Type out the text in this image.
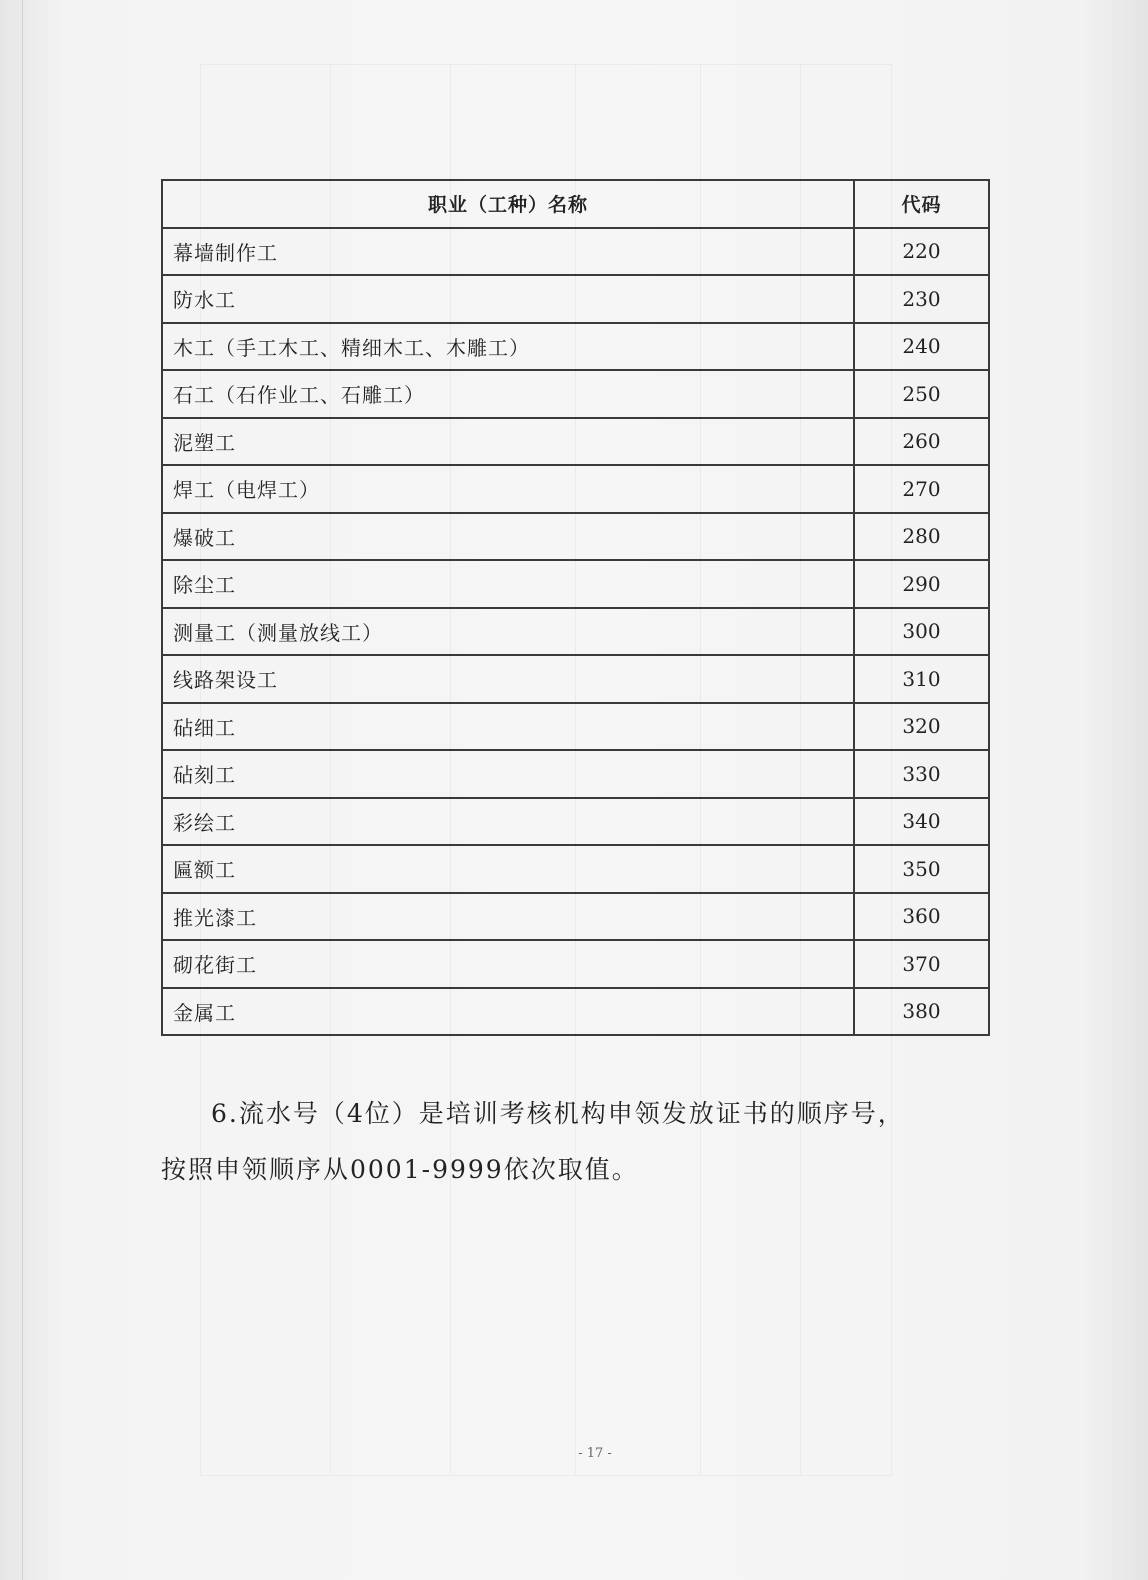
职业（工种）名称	代码
幕墙制作工	220
防水工	230
木工（手工木工、精细木工、木雕工）	240
石工（石作业工、石雕工）	250
泥塑工	260
焊工（电焊工）	270
爆破工	280
除尘工	290
测量工（测量放线工）	300
线路架设工	310
砧细工	320
砧刻工	330
彩绘工	340
匾额工	350
推光漆工	360
砌花街工	370
金属工	380
6.流水号（4位）是培训考核机构申领发放证书的顺序号，
按照申领顺序从0001-9999依次取值。
- 17 -
